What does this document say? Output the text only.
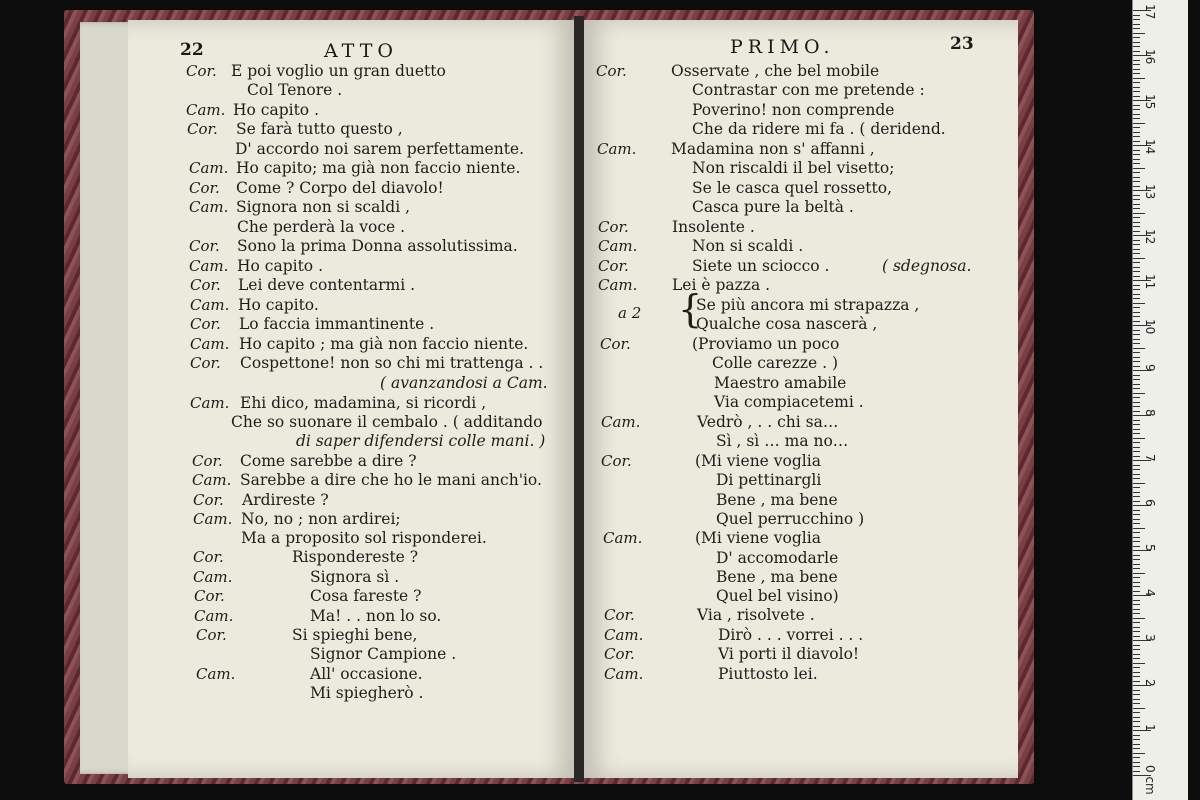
22	ATTO	PRIMO.	23
Cor. E poi voglio un gran duetto
Col Tenore .
Cam. Ho capito .
Cor. Se farà tutto questo ,
D' accordo noi sarem perfettamente.
Cam. Ho capito; ma già non faccio niente.
Cor. Come ? Corpo del diavolo!
Cam. Signora non si scaldi ,
Che perderà la voce .
Cor. Sono la prima Donna assolutissima.
Cam. Ho capito .
Cor. Lei deve contentarmi .
Cam. Ho capito.
Cor. Lo faccia immantinente .
Cam. Ho capito ; ma già non faccio niente.
Cor. Cospettone! non so chi mi trattenga . .
( avanzandosi a Cam.
Cam. Ehi dico, madamina, si ricordi ,
Che so suonare il cembalo . ( additando
di saper difendersi colle mani. )
Cor. Come sarebbe a dire ?
Cam. Sarebbe a dire che ho le mani anch'io.
Cor. Ardireste ?
Cam. No, no ; non ardirei;
Ma a proposito sol risponderei.
Cor.	Rispondereste ?
Cam.	Signora sì .
Cor.	Cosa fareste ?
Cam.	Ma! . . non lo so.
Cor.	Si spieghi bene,
Signor Campione .
Cam.	All' occasione.
Mi spiegherò .
Cor.	Osservate , che bel mobile
Contrastar con me pretende :
Poverino! non comprende
Che da ridere mi fa . ( deridend.
Cam. Madamina non s' affanni ,
Non riscaldi il bel visetto;
Se le casca quel rossetto,
Casca pure la beltà .
Cor.	Insolente .
Cam.	Non si scaldi .
Cor.	Siete un sciocco .	( sdegnosa.
Cam. Lei è pazza .
Se più ancora mi strapazza ,
Qualche cosa nascerà ,
Cor.	(Proviamo un poco
Colle carezze . )
Maestro amabile
Via compiacetemi .
Cam.	Vedrò , . . chi sa…
Sì , sì … ma no…
Cor.	(Mi viene voglia
Di pettinargli
Bene , ma bene
Quel perrucchino )
Cam.	(Mi viene voglia
D' accomodarle
Bene , ma bene
Quel bel visino)
Cor.	Via , risolvete .
Cam.	Dirò . . . vorrei . . .
Cor.	Vi porti il diavolo!
Cam.	Piuttosto lei.
a 2 {
1
2
3
4
5
6
7
8
9
10
11
12
13
14
15
16
17
0 cm
